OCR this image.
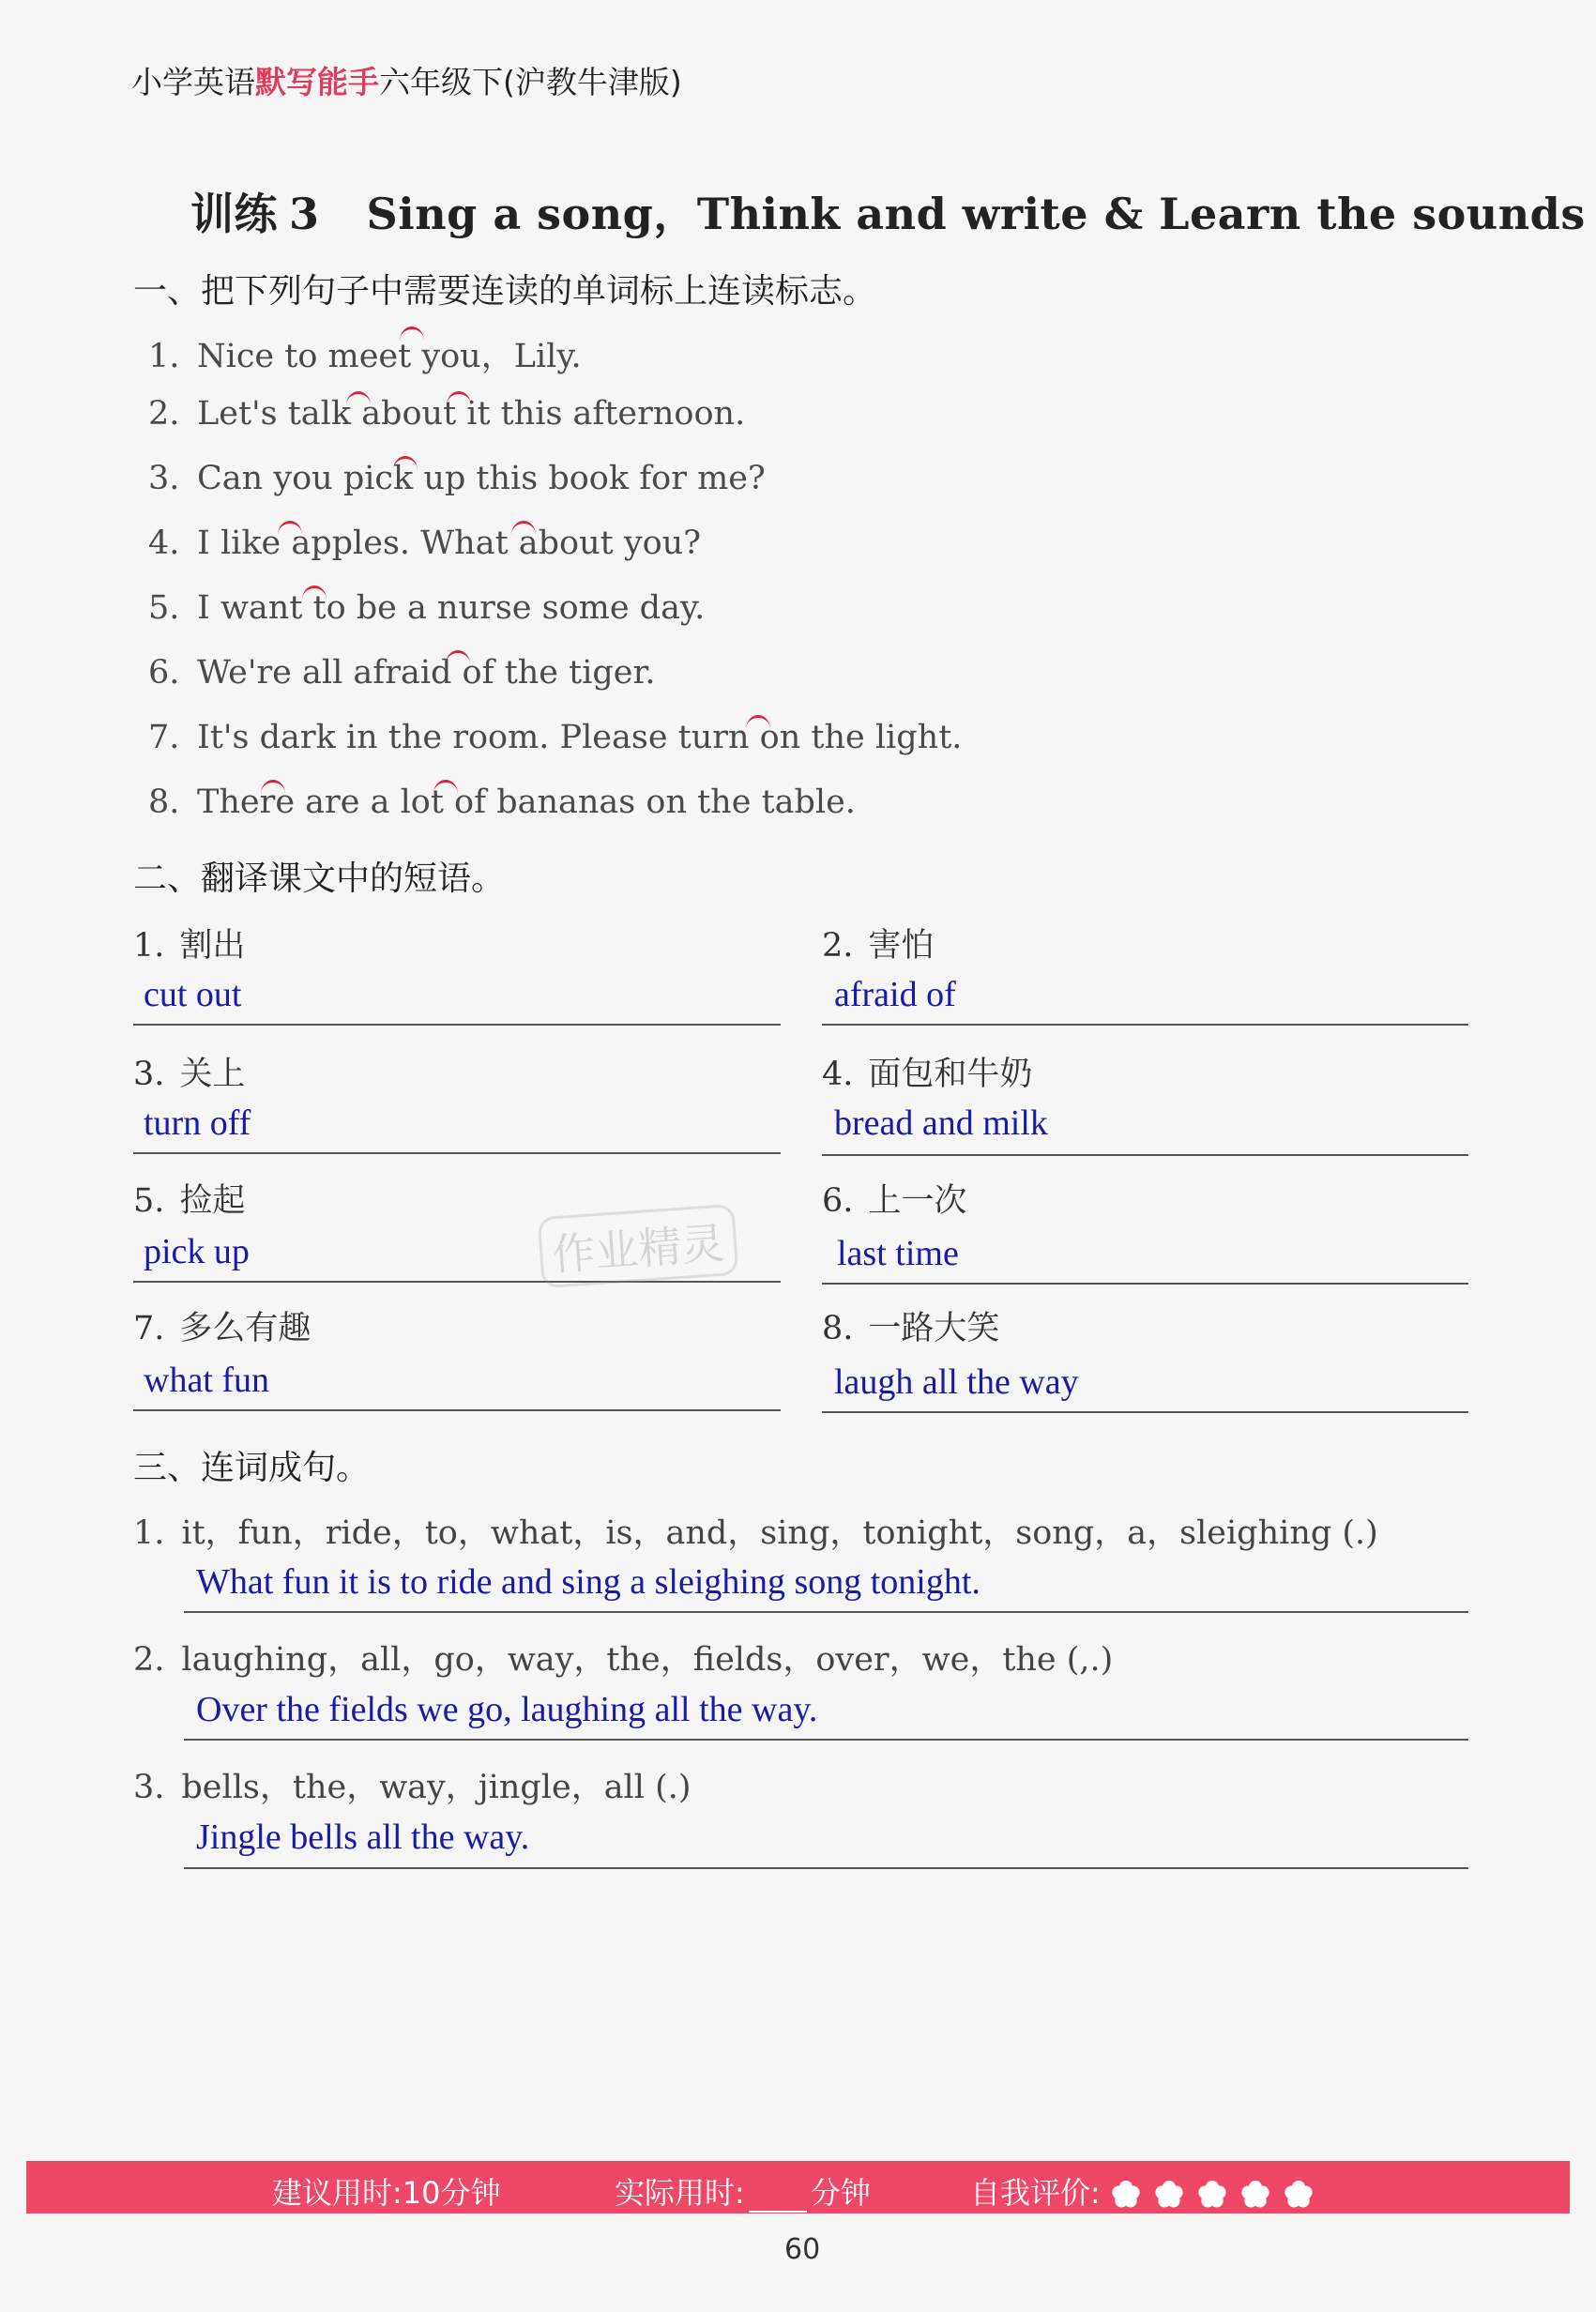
小学英语默写能手六年级下(沪教牛津版)
训练 3 Sing a song，Think and write & Learn the sounds
一、把下列句子中需要连读的单词标上连读标志。
1. Nice to meet you，Lily.
2. Let's talk about it this afternoon.
3. Can you pick up this book for me?
4. I like apples. What about you?
5. I want to be a nurse some day.
6. We're all afraid of the tiger.
7. It's dark in the room. Please turn on the light.
8. There are a lot of bananas on the table.
二、翻译课文中的短语。
1. 割出
cut out
2. 害怕
afraid of
3. 关上
turn off
4. 面包和牛奶
bread and milk
5. 捡起
pick up
6. 上一次
last time
7. 多么有趣
what fun
8. 一路大笑
laugh all the way
作业精灵
三、连词成句。
1. it，fun，ride，to，what，is，and，sing，tonight，song，a，sleighing (.)
What fun it is to ride and sing a sleighing song tonight.
2. laughing，all，go，way，the，fields，over，we，the (,.)
Over the fields we go, laughing all the way.
3. bells，the，way，jingle，all (.)
Jingle bells all the way.
建议用时:10分钟	实际用时: 分钟	自我评价:
60
